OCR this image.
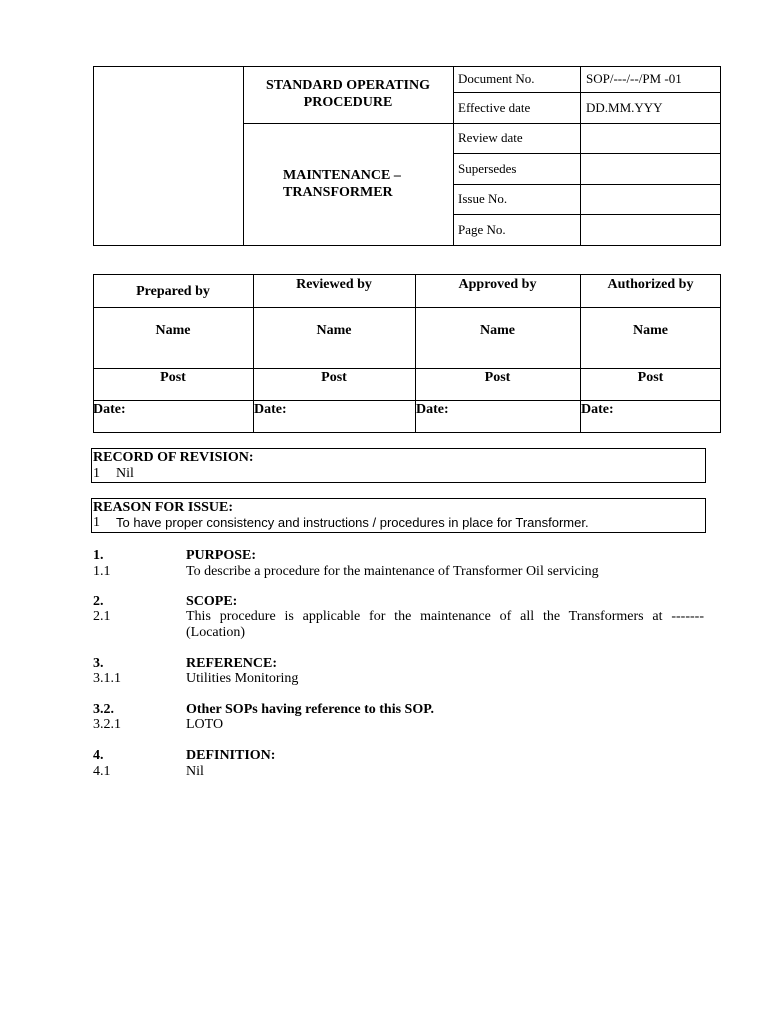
STANDARD OPERATING
PROCEDURE
MAINTENANCE –
TRANSFORMER
Document No.	SOP/---/--/PM -01
Effective date	DD.MM.YYY
Review date
Supersedes
Issue No.
Page No.
Prepared by	Reviewed by	Approved by	Authorized by
Name	Name	Name	Name
Post	Post	Post	Post
Date:	Date:	Date:	Date:
RECORD OF REVISION:
1 Nil
REASON FOR ISSUE:
1 To have proper consistency and instructions / procedures in place for Transformer.
1.	PURPOSE:
1.1	To describe a procedure for the maintenance of Transformer Oil servicing
2.	SCOPE:
2.1	This procedure is applicable for the maintenance of all the Transformers at -------
(Location)
3.	REFERENCE:
3.1.1	Utilities Monitoring
3.2.	Other SOPs having reference to this SOP.
3.2.1	LOTO
4.	DEFINITION:
4.1	Nil
